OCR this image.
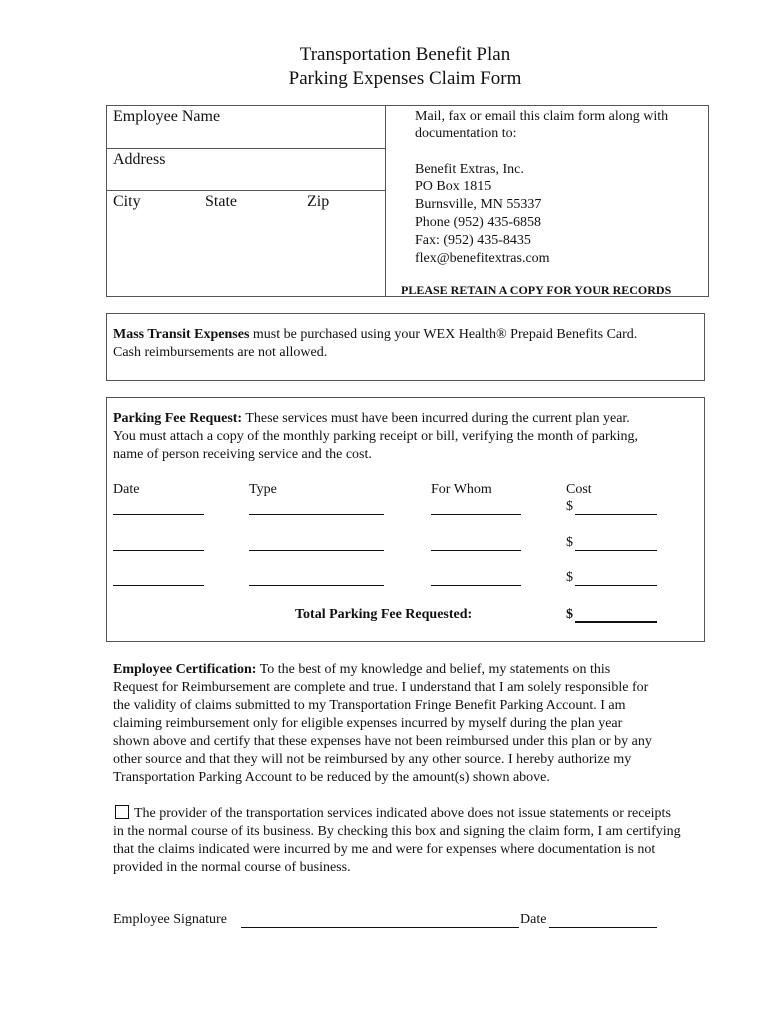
Transportation Benefit Plan
Parking Expenses Claim Form
Employee Name
Address
City	State	Zip
Mail, fax or email this claim form along with
documentation to:
Benefit Extras, Inc.
PO Box 1815
Burnsville, MN 55337
Phone (952) 435-6858
Fax: (952) 435-8435
flex@benefitextras.com
PLEASE RETAIN A COPY FOR YOUR RECORDS
Mass Transit Expenses must be purchased using your WEX Health® Prepaid Benefits Card.
Cash reimbursements are not allowed.
Parking Fee Request: These services must have been incurred during the current plan year.
You must attach a copy of the monthly parking receipt or bill, verifying the month of parking,
name of person receiving service and the cost.
Date	Type	For Whom	Cost
$
$
$
Total Parking Fee Requested:	$
Employee Certification: To the best of my knowledge and belief, my statements on this
Request for Reimbursement are complete and true. I understand that I am solely responsible for
the validity of claims submitted to my Transportation Fringe Benefit Parking Account. I am
claiming reimbursement only for eligible expenses incurred by myself during the plan year
shown above and certify that these expenses have not been reimbursed under this plan or by any
other source and that they will not be reimbursed by any other source. I hereby authorize my
Transportation Parking Account to be reduced by the amount(s) shown above.
The provider of the transportation services indicated above does not issue statements or receipts
in the normal course of its business. By checking this box and signing the claim form, I am certifying
that the claims indicated were incurred by me and were for expenses where documentation is not
provided in the normal course of business.
Employee Signature	Date
